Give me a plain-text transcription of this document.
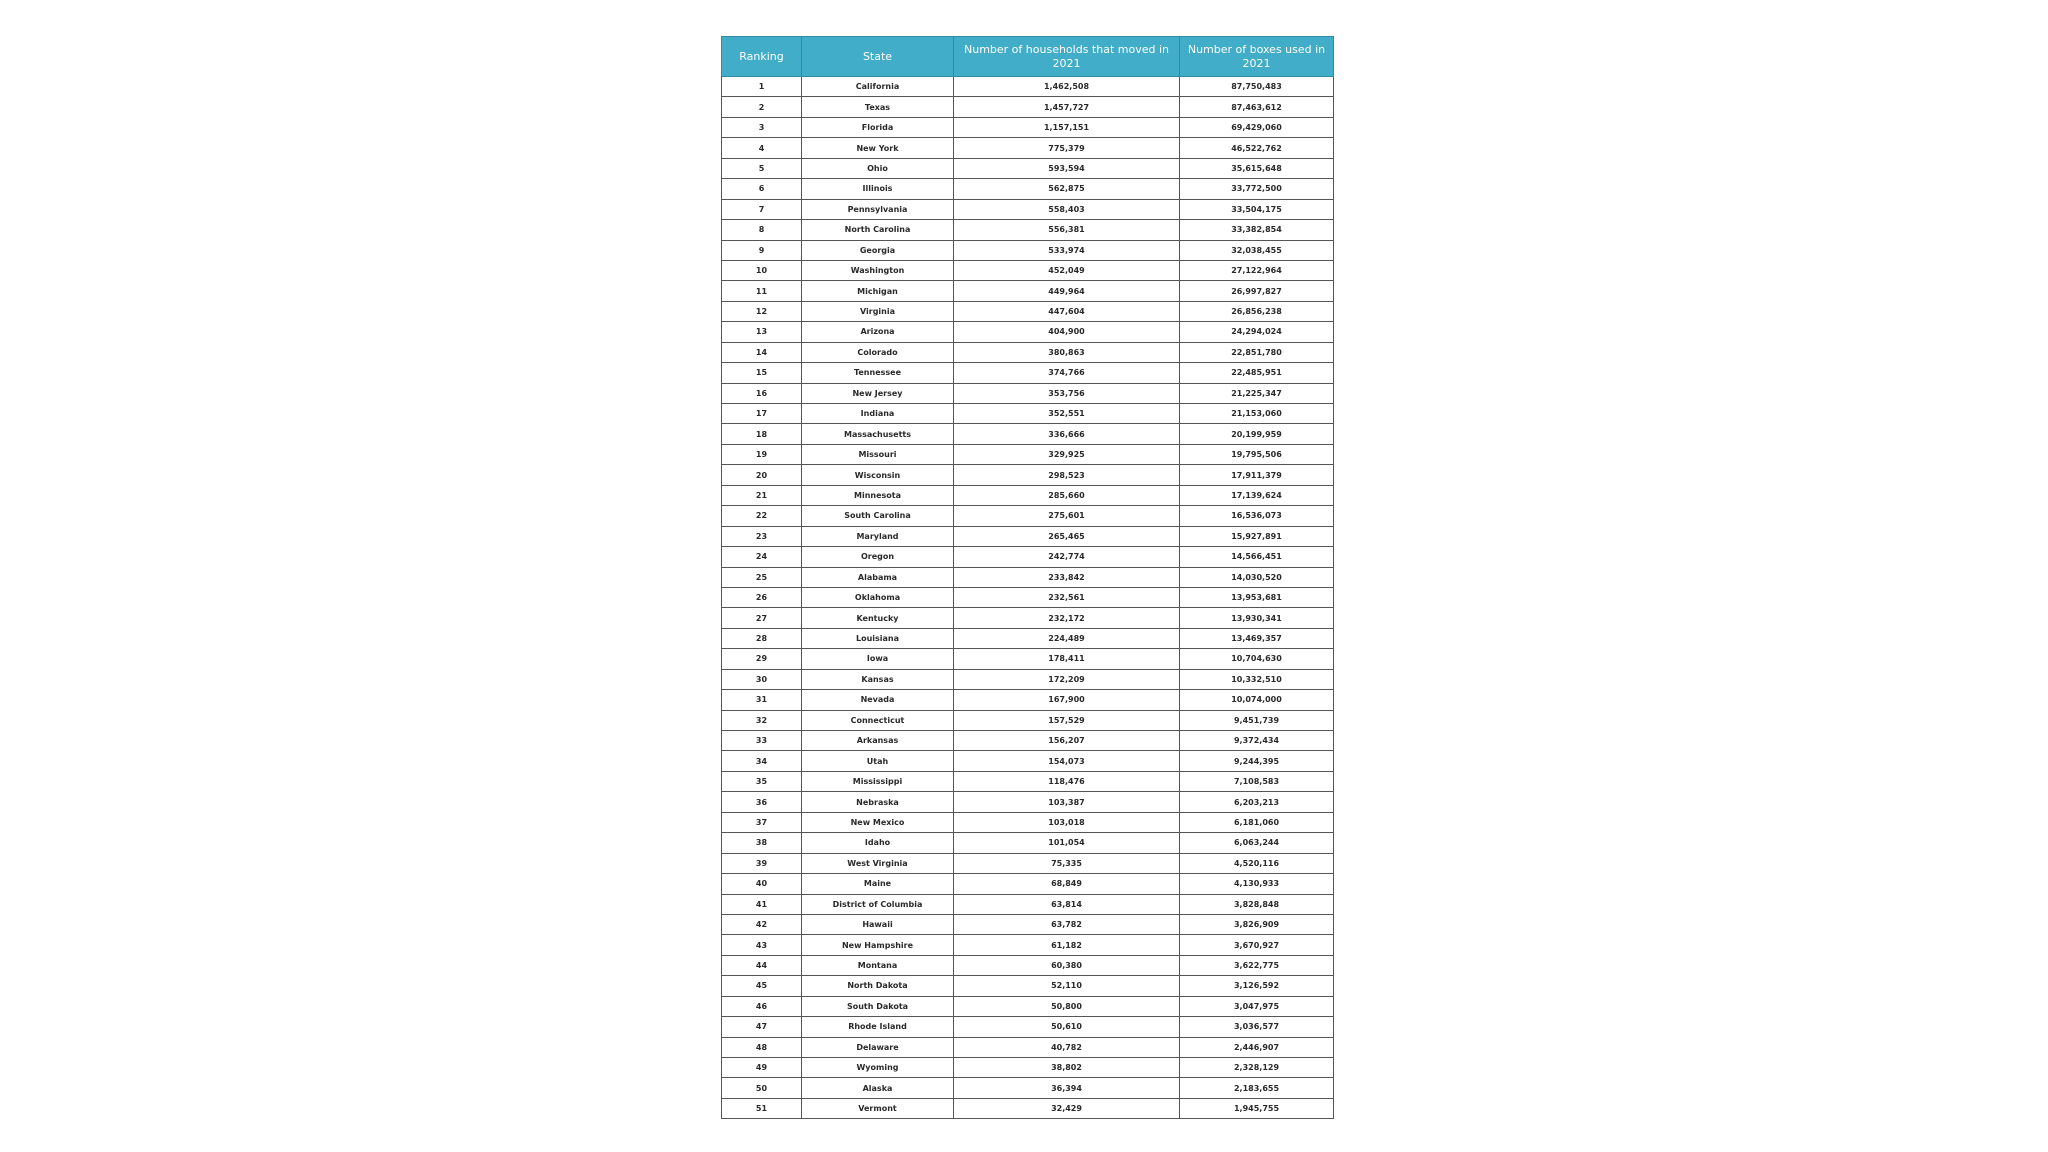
Ranking	State	Number of households that moved in 2021	Number of boxes used in 2021
1	California	1,462,508	87,750,483
2	Texas	1,457,727	87,463,612
3	Florida	1,157,151	69,429,060
4	New York	775,379	46,522,762
5	Ohio	593,594	35,615,648
6	Illinois	562,875	33,772,500
7	Pennsylvania	558,403	33,504,175
8	North Carolina	556,381	33,382,854
9	Georgia	533,974	32,038,455
10	Washington	452,049	27,122,964
11	Michigan	449,964	26,997,827
12	Virginia	447,604	26,856,238
13	Arizona	404,900	24,294,024
14	Colorado	380,863	22,851,780
15	Tennessee	374,766	22,485,951
16	New Jersey	353,756	21,225,347
17	Indiana	352,551	21,153,060
18	Massachusetts	336,666	20,199,959
19	Missouri	329,925	19,795,506
20	Wisconsin	298,523	17,911,379
21	Minnesota	285,660	17,139,624
22	South Carolina	275,601	16,536,073
23	Maryland	265,465	15,927,891
24	Oregon	242,774	14,566,451
25	Alabama	233,842	14,030,520
26	Oklahoma	232,561	13,953,681
27	Kentucky	232,172	13,930,341
28	Louisiana	224,489	13,469,357
29	Iowa	178,411	10,704,630
30	Kansas	172,209	10,332,510
31	Nevada	167,900	10,074,000
32	Connecticut	157,529	9,451,739
33	Arkansas	156,207	9,372,434
34	Utah	154,073	9,244,395
35	Mississippi	118,476	7,108,583
36	Nebraska	103,387	6,203,213
37	New Mexico	103,018	6,181,060
38	Idaho	101,054	6,063,244
39	West Virginia	75,335	4,520,116
40	Maine	68,849	4,130,933
41	District of Columbia	63,814	3,828,848
42	Hawaii	63,782	3,826,909
43	New Hampshire	61,182	3,670,927
44	Montana	60,380	3,622,775
45	North Dakota	52,110	3,126,592
46	South Dakota	50,800	3,047,975
47	Rhode Island	50,610	3,036,577
48	Delaware	40,782	2,446,907
49	Wyoming	38,802	2,328,129
50	Alaska	36,394	2,183,655
51	Vermont	32,429	1,945,755
